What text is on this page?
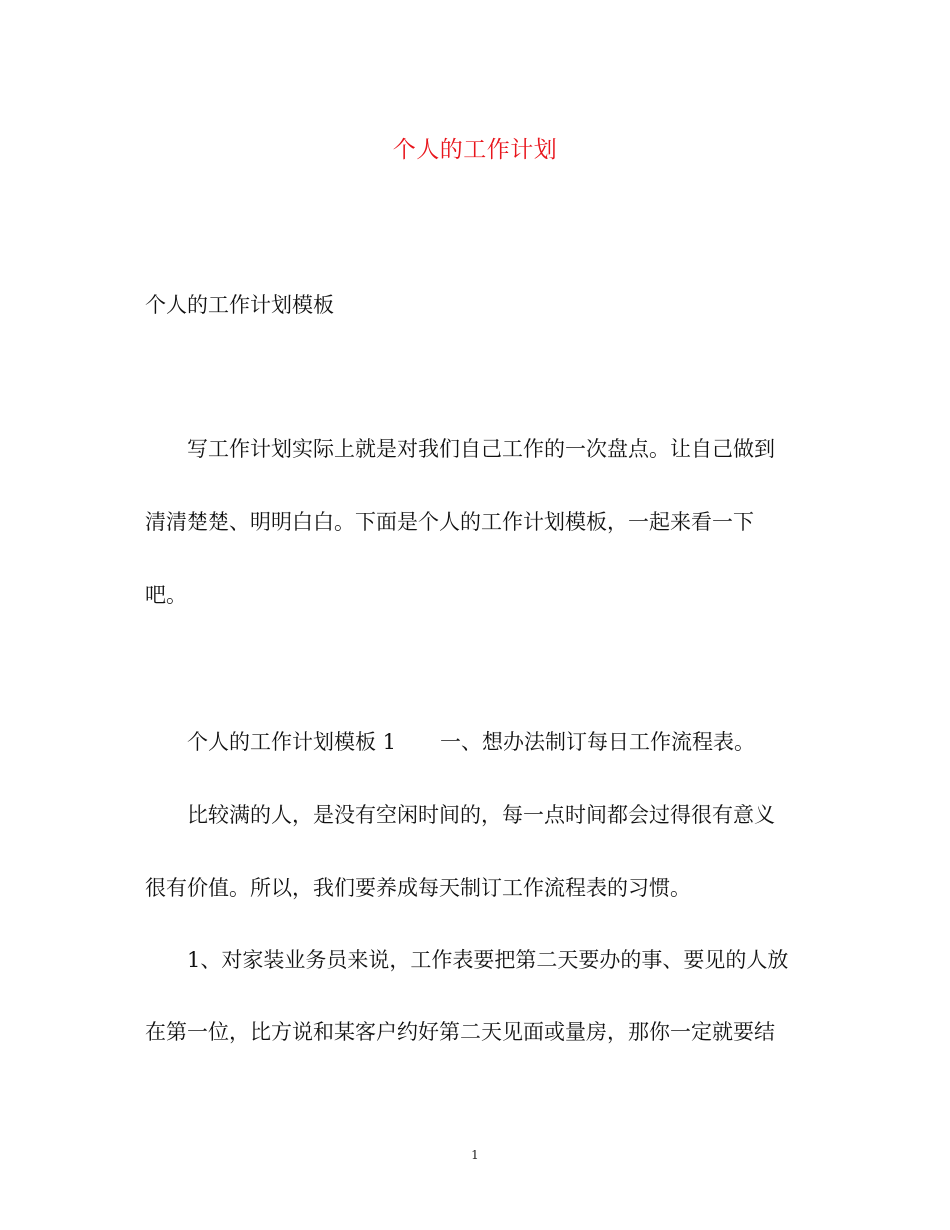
个人的工作计划
个人的工作计划模板
写工作计划实际上就是对我们自己工作的一次盘点。让自己做到
清清楚楚、明明白白。下面是个人的工作计划模板，一起来看一下
吧。
个人的工作计划模板 1 一、想办法制订每日工作流程表。
比较满的人，是没有空闲时间的，每一点时间都会过得很有意义
很有价值。所以，我们要养成每天制订工作流程表的习惯。
1、对家装业务员来说，工作表要把第二天要办的事、要见的人放
在第一位，比方说和某客户约好第二天见面或量房，那你一定就要结
1
